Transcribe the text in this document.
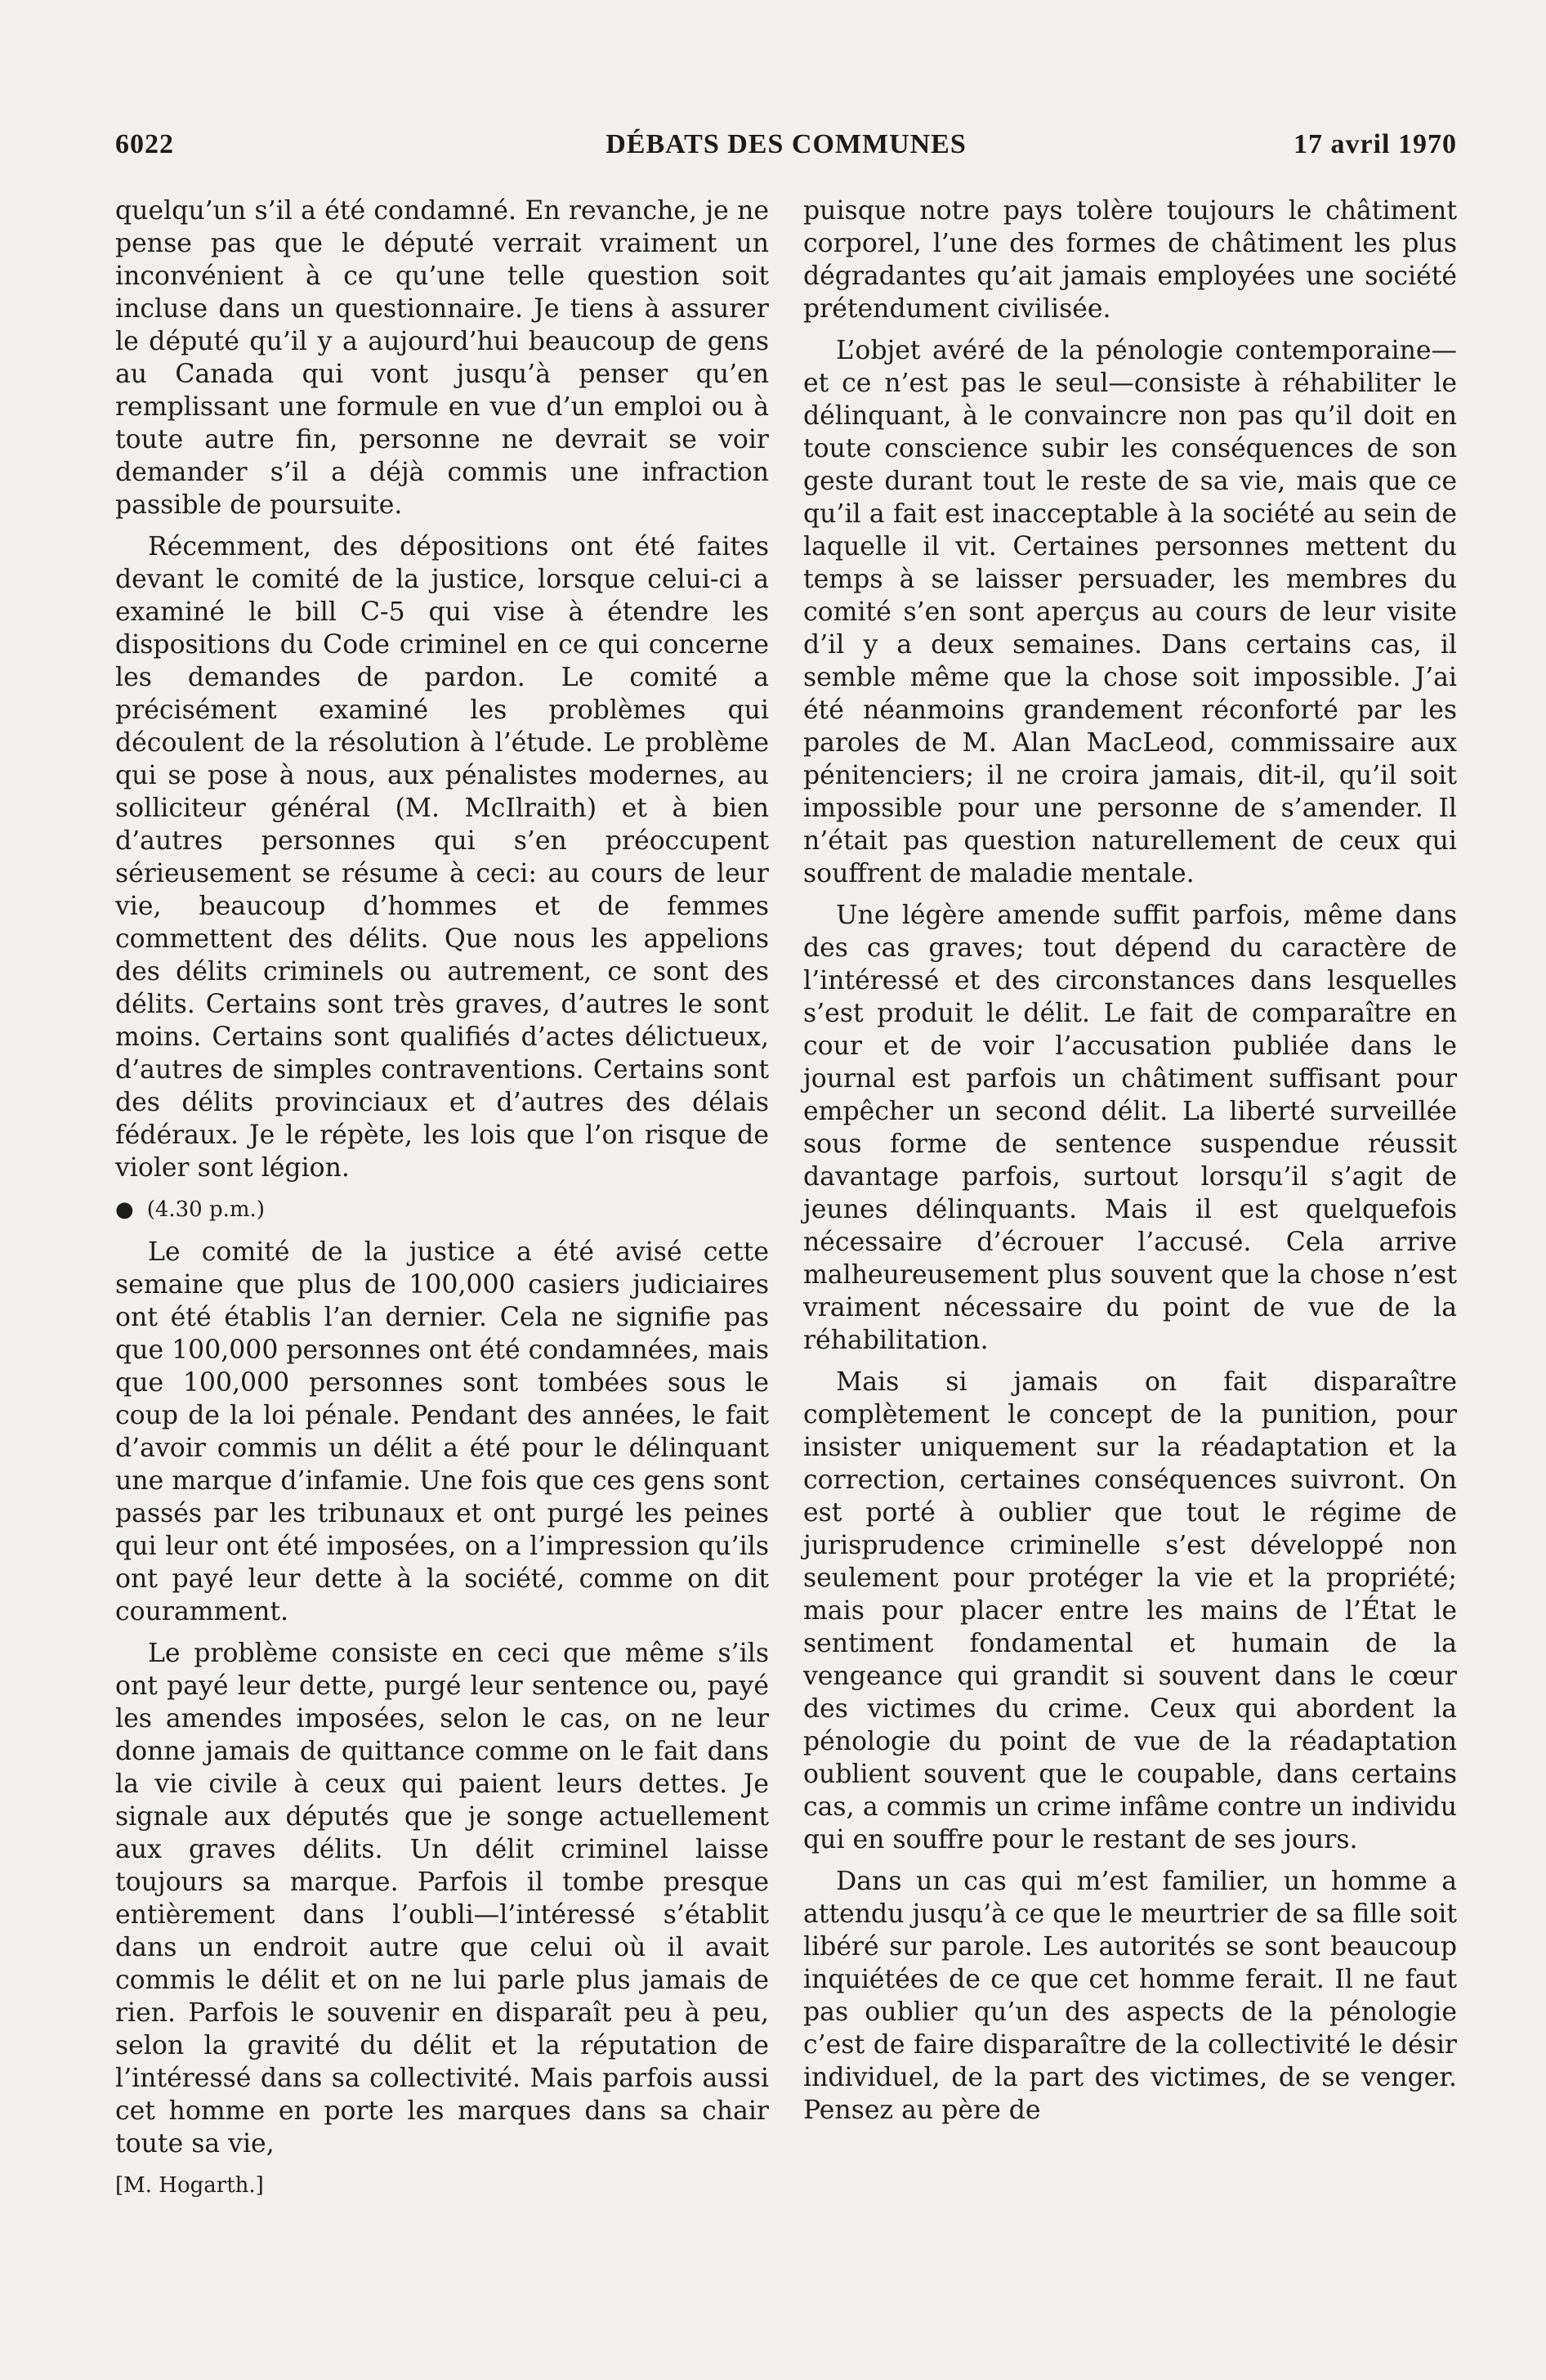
6022	DÉBATS DES COMMUNES	17 avril 1970

quelqu’un s’il a été condamné. En revanche, je ne pense pas que le député verrait vraiment un inconvénient à ce qu’une telle question soit incluse dans un questionnaire. Je tiens à assurer le député qu’il y a aujourd’hui beaucoup de gens au Canada qui vont jusqu’à penser qu’en remplissant une formule en vue d’un emploi ou à toute autre fin, personne ne devrait se voir demander s’il a déjà commis une infraction passible de poursuite.

Récemment, des dépositions ont été faites devant le comité de la justice, lorsque celui-ci a examiné le bill C-5 qui vise à étendre les dispositions du Code criminel en ce qui concerne les demandes de pardon. Le comité a précisément examiné les problèmes qui découlent de la résolution à l’étude. Le problème qui se pose à nous, aux pénalistes modernes, au solliciteur général (M. McIlraith) et à bien d’autres personnes qui s’en préoccupent sérieusement se résume à ceci: au cours de leur vie, beaucoup d’hommes et de femmes commettent des délits. Que nous les appelions des délits criminels ou autrement, ce sont des délits. Certains sont très graves, d’autres le sont moins. Certains sont qualifiés d’actes délictueux, d’autres de simples contraventions. Certains sont des délits provinciaux et d’autres des délais fédéraux. Je le répète, les lois que l’on risque de violer sont légion.

● (4.30 p.m.)

Le comité de la justice a été avisé cette semaine que plus de 100,000 casiers judiciaires ont été établis l’an dernier. Cela ne signifie pas que 100,000 personnes ont été condamnées, mais que 100,000 personnes sont tombées sous le coup de la loi pénale. Pendant des années, le fait d’avoir commis un délit a été pour le délinquant une marque d’infamie. Une fois que ces gens sont passés par les tribunaux et ont purgé les peines qui leur ont été imposées, on a l’impression qu’ils ont payé leur dette à la société, comme on dit couramment.

Le problème consiste en ceci que même s’ils ont payé leur dette, purgé leur sentence ou, payé les amendes imposées, selon le cas, on ne leur donne jamais de quittance comme on le fait dans la vie civile à ceux qui paient leurs dettes. Je signale aux députés que je songe actuellement aux graves délits. Un délit criminel laisse toujours sa marque. Parfois il tombe presque entièrement dans l’oubli—l’intéressé s’établit dans un endroit autre que celui où il avait commis le délit et on ne lui parle plus jamais de rien. Parfois le souvenir en disparaît peu à peu, selon la gravité du délit et la réputation de l’intéressé dans sa collectivité. Mais parfois aussi cet homme en porte les marques dans sa chair toute sa vie,

[M. Hogarth.]

puisque notre pays tolère toujours le châtiment corporel, l’une des formes de châtiment les plus dégradantes qu’ait jamais employées une société prétendument civilisée.

L’objet avéré de la pénologie contemporaine—et ce n’est pas le seul—consiste à réhabiliter le délinquant, à le convaincre non pas qu’il doit en toute conscience subir les conséquences de son geste durant tout le reste de sa vie, mais que ce qu’il a fait est inacceptable à la société au sein de laquelle il vit. Certaines personnes mettent du temps à se laisser persuader, les membres du comité s’en sont aperçus au cours de leur visite d’il y a deux semaines. Dans certains cas, il semble même que la chose soit impossible. J’ai été néanmoins grandement réconforté par les paroles de M. Alan MacLeod, commissaire aux pénitenciers; il ne croira jamais, dit-il, qu’il soit impossible pour une personne de s’amender. Il n’était pas question naturellement de ceux qui souffrent de maladie mentale.

Une légère amende suffit parfois, même dans des cas graves; tout dépend du caractère de l’intéressé et des circonstances dans lesquelles s’est produit le délit. Le fait de comparaître en cour et de voir l’accusation publiée dans le journal est parfois un châtiment suffisant pour empêcher un second délit. La liberté surveillée sous forme de sentence suspendue réussit davantage parfois, surtout lorsqu’il s’agit de jeunes délinquants. Mais il est quelquefois nécessaire d’écrouer l’accusé. Cela arrive malheureusement plus souvent que la chose n’est vraiment nécessaire du point de vue de la réhabilitation.

Mais si jamais on fait disparaître complètement le concept de la punition, pour insister uniquement sur la réadaptation et la correction, certaines conséquences suivront. On est porté à oublier que tout le régime de jurisprudence criminelle s’est développé non seulement pour protéger la vie et la propriété; mais pour placer entre les mains de l’État le sentiment fondamental et humain de la vengeance qui grandit si souvent dans le cœur des victimes du crime. Ceux qui abordent la pénologie du point de vue de la réadaptation oublient souvent que le coupable, dans certains cas, a commis un crime infâme contre un individu qui en souffre pour le restant de ses jours.

Dans un cas qui m’est familier, un homme a attendu jusqu’à ce que le meurtrier de sa fille soit libéré sur parole. Les autorités se sont beaucoup inquiétées de ce que cet homme ferait. Il ne faut pas oublier qu’un des aspects de la pénologie c’est de faire disparaître de la collectivité le désir individuel, de la part des victimes, de se venger. Pensez au père de
